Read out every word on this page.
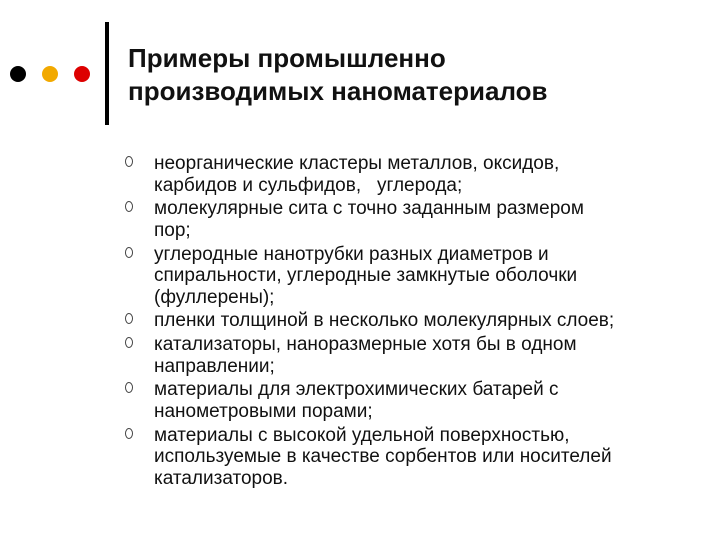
Примеры промышленно
производимых наноматериалов
неорганические кластеры металлов, оксидов,
карбидов и сульфидов,   углерода;
молекулярные сита с точно заданным размером
пор;
углеродные нанотрубки разных диаметров и
спиральности, углеродные замкнутые оболочки
(фуллерены);
пленки толщиной в несколько молекулярных слоев;
катализаторы, наноразмерные хотя бы в одном
направлении;
материалы для электрохимических батарей с
нанометровыми порами;
материалы с высокой удельной поверхностью,
используемые в качестве сорбентов или носителей
катализаторов.
